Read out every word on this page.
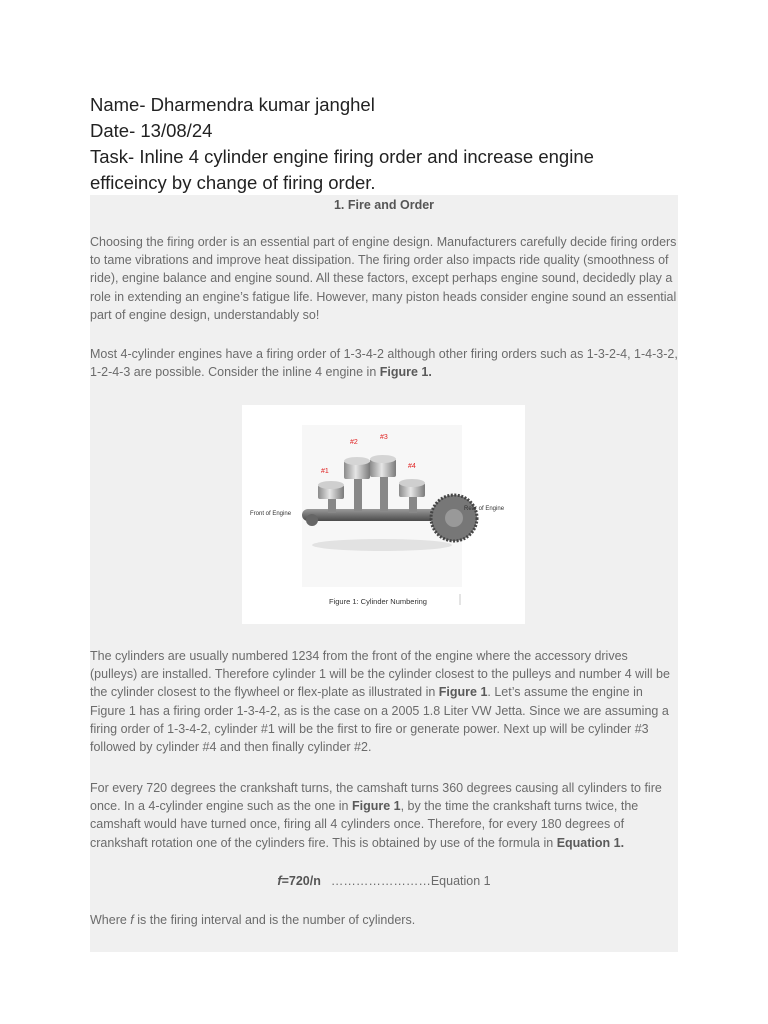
Name- Dharmendra kumar janghel
Date- 13/08/24
Task- Inline 4 cylinder engine firing order and increase engine
efficeincy by change of firing order.
1. Fire and Order
Choosing the firing order is an essential part of engine design. Manufacturers carefully decide firing orders to tame vibrations and improve heat dissipation. The firing order also impacts ride quality (smoothness of ride), engine balance and engine sound. All these factors, except perhaps engine sound, decidedly play a role in extending an engine’s fatigue life. However, many piston heads consider engine sound an essential part of engine design, understandably so!
Most 4-cylinder engines have a firing order of 1-3-4-2 although other firing orders such as 1-3-2-4, 1-4-3-2, 1-2-4-3 are possible. Consider the inline 4 engine in Figure 1.
#1
#2
#3
#4
Front of Engine
Rear of Engine
Figure 1: Cylinder Numbering
The cylinders are usually numbered 1234 from the front of the engine where the accessory drives (pulleys) are installed. Therefore cylinder 1 will be the cylinder closest to the pulleys and number 4 will be the cylinder closest to the flywheel or flex-plate as illustrated in Figure 1. Let’s assume the engine in Figure 1 has a firing order 1-3-4-2, as is the case on a 2005 1.8 Liter VW Jetta. Since we are assuming a firing order of 1-3-4-2, cylinder #1 will be the first to fire or generate power. Next up will be cylinder #3 followed by cylinder #4 and then finally cylinder #2.
For every 720 degrees the crankshaft turns, the camshaft turns 360 degrees causing all cylinders to fire once. In a 4-cylinder engine such as the one in Figure 1, by the time the crankshaft turns twice, the camshaft would have turned once, firing all 4 cylinders once. Therefore, for every 180 degrees of crankshaft rotation one of the cylinders fire. This is obtained by use of the formula in Equation 1.
f=720/n ……………………Equation 1
Where f is the firing interval and is the number of cylinders.
